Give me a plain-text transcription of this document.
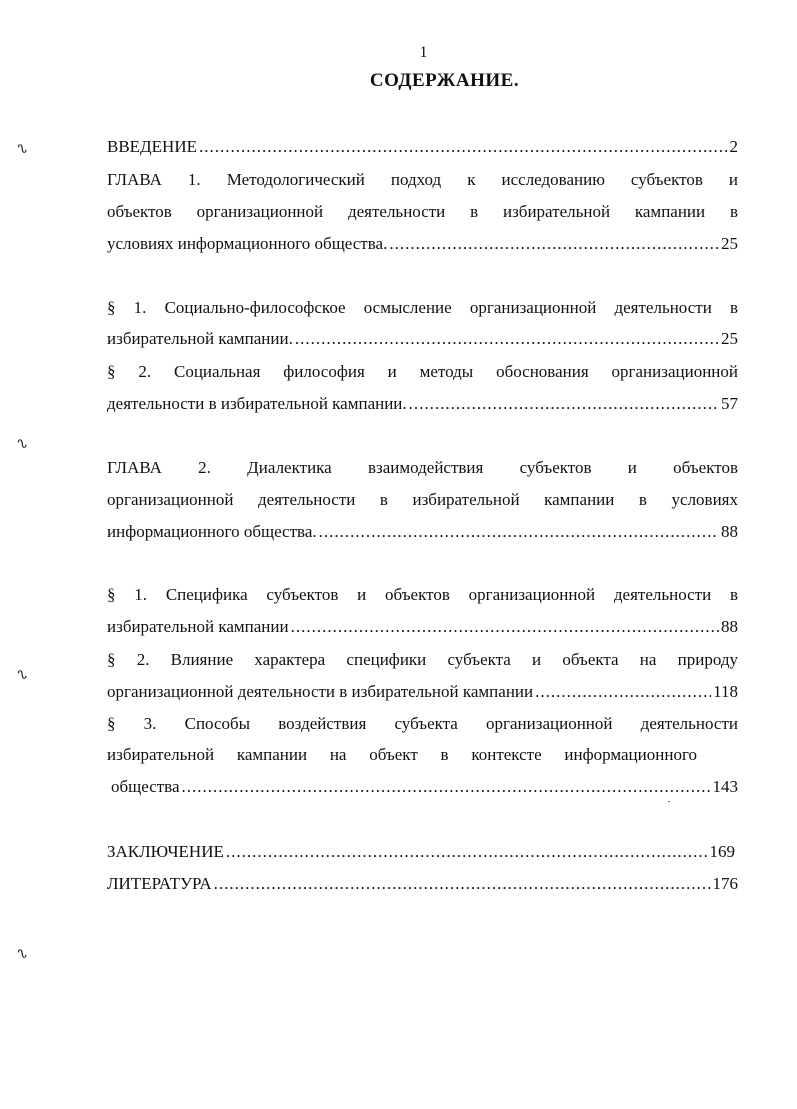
1
СОДЕРЖАНИЕ.
ВВЕДЕНИЕ .....	2
ГЛАВА 1. Методологический подход к исследованию субъектов и
объектов организационной деятельности в избирательной кампании в
условиях информационного общества. .....	25
§ 1. Социально-философское осмысление организационной деятельности в
избирательной кампании. .....	25
§ 2. Социальная философия и методы обоснования организационной
деятельности в избирательной кампании. .....	57
ГЛАВА 2. Диалектика взаимодействия субъектов и объектов
организационной деятельности в избирательной кампании в условиях
информационного общества. .....	88
§ 1. Специфика субъектов и объектов организационной деятельности в
избирательной кампании .....	88
§ 2. Влияние характера специфики субъекта и объекта на природу
организационной деятельности в избирательной кампании .....	118
§ 3. Способы воздействия субъекта организационной деятельности
избирательной кампании на объект в контексте информационного
общества .....	143
ЗАКЛЮЧЕНИЕ .....	169
ЛИТЕРАТУРА .....	176
ᔐ
ᔐ
ᔐ
ᔐ
